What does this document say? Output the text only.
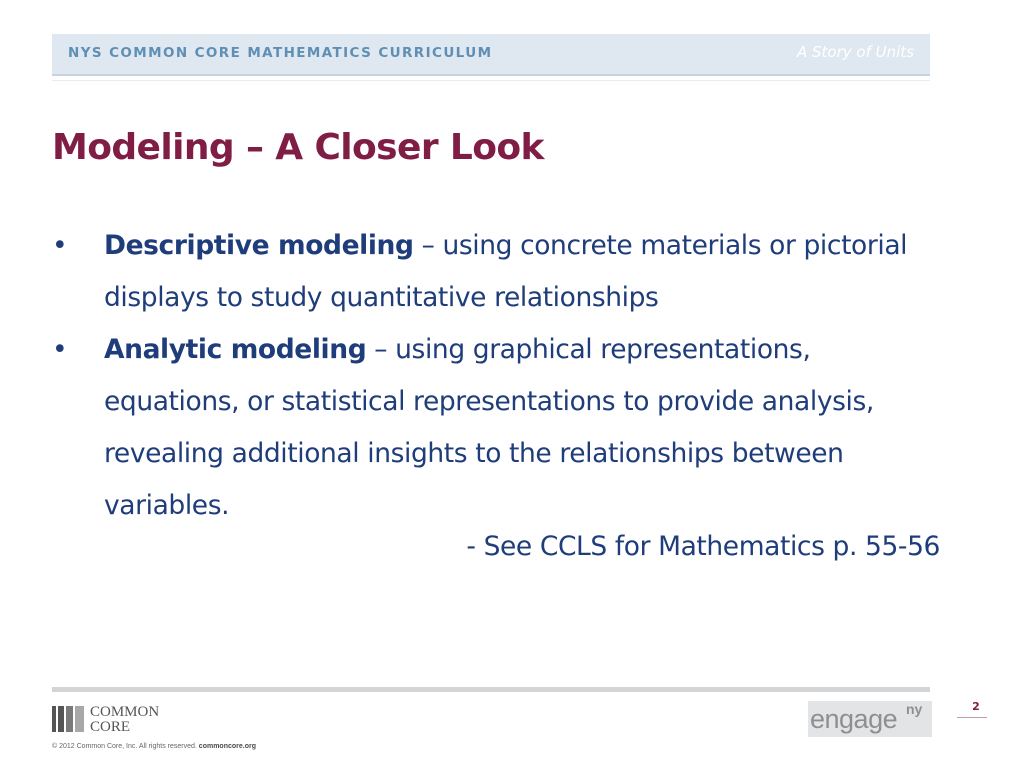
NYS COMMON CORE MATHEMATICS CURRICULUM	A Story of Units
Modeling – A Closer Look
• Descriptive modeling – using concrete materials or pictorial displays to study quantitative relationships
• Analytic modeling – using graphical representations, equations, or statistical representations to provide analysis, revealing additional insights to the relationships between variables.
- See CCLS for Mathematics p. 55-56
COMMON
CORE
© 2012 Common Core, Inc. All rights reserved. commoncore.org
engage ny	2
